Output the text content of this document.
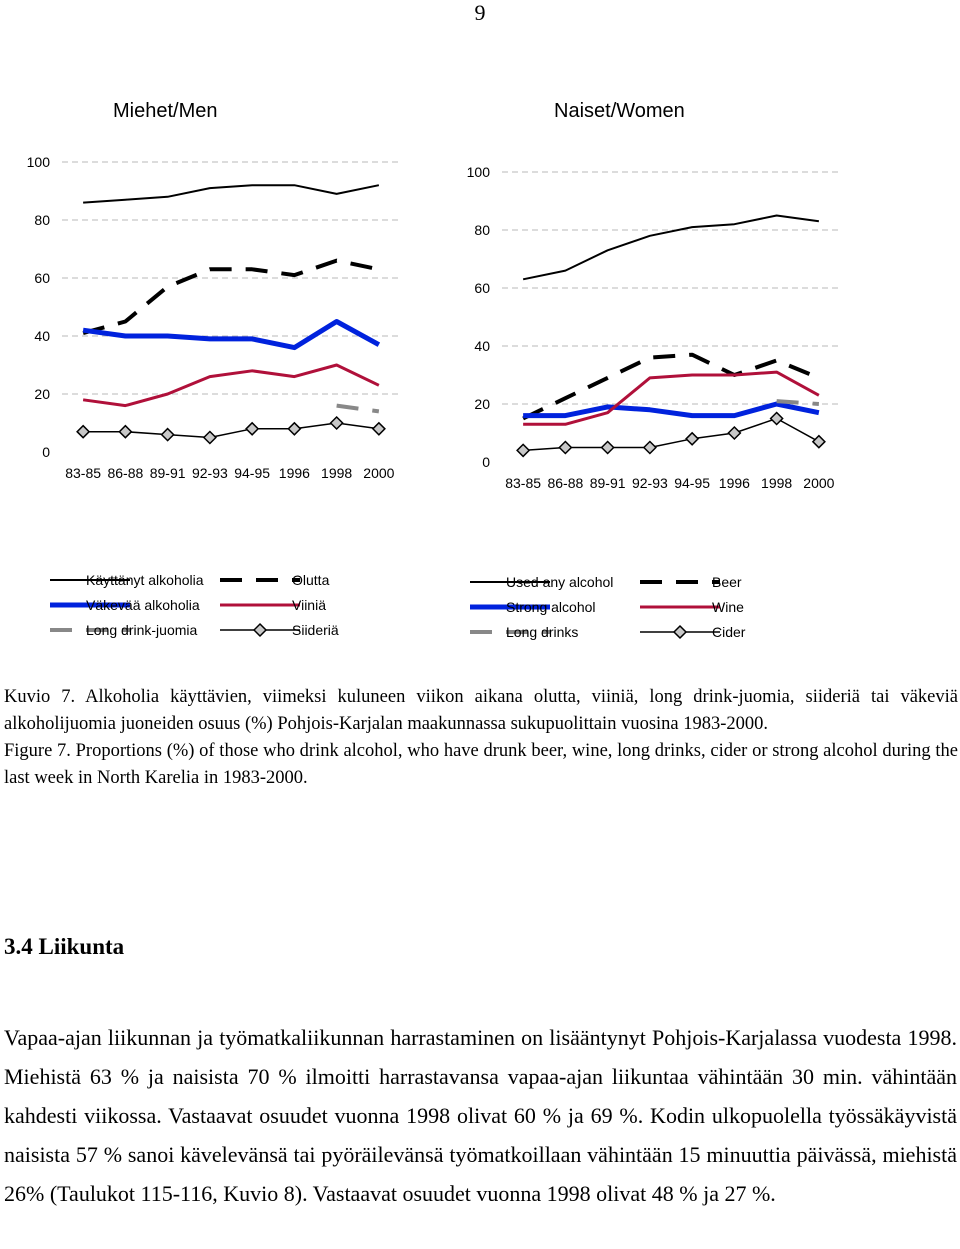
9
Miehet/Men	Naiset/Women
0
20
40
60
80
100
83-85 86-88 89-91 92-93 94-95 1996 1998 2000
0
20
40
60
80
100
83-85 86-88 89-91 92-93 94-95 1996 1998 2000
Käyttänyt alkoholia	Olutta
Väkevää alkoholia	Viiniä
Long drink-juomia	Siideriä
Used any alcohol	Beer
Strong alcohol	Wine
Long drinks	Cider

Kuvio 7. Alkoholia käyttävien, viimeksi kuluneen viikon aikana olutta, viiniä, long drink-juomia, siideriä tai väkeviä alkoholijuomia juoneiden osuus (%) Pohjois-Karjalan maakunnassa sukupuolittain vuosina 1983-2000.

Figure 7. Proportions (%) of those who drink alcohol, who have drunk beer, wine, long drinks, cider or strong alcohol during the last week in North Karelia in 1983-2000.

3.4 Liikunta

Vapaa-ajan liikunnan ja työmatkaliikunnan harrastaminen on lisääntynyt Pohjois-Karjalassa vuodesta 1998. Miehistä 63 % ja naisista 70 % ilmoitti harrastavansa vapaa-ajan liikuntaa vähintään 30 min. vähintään kahdesti viikossa. Vastaavat osuudet vuonna 1998 olivat 60 % ja 69 %. Kodin ulkopuolella työssäkäyvistä naisista 57 % sanoi kävelevänsä tai pyöräilevänsä työmatkoillaan vähintään 15 minuuttia päivässä, miehistä 26% (Taulukot 115-116, Kuvio 8). Vastaavat osuudet vuonna 1998 olivat 48 % ja 27 %.
